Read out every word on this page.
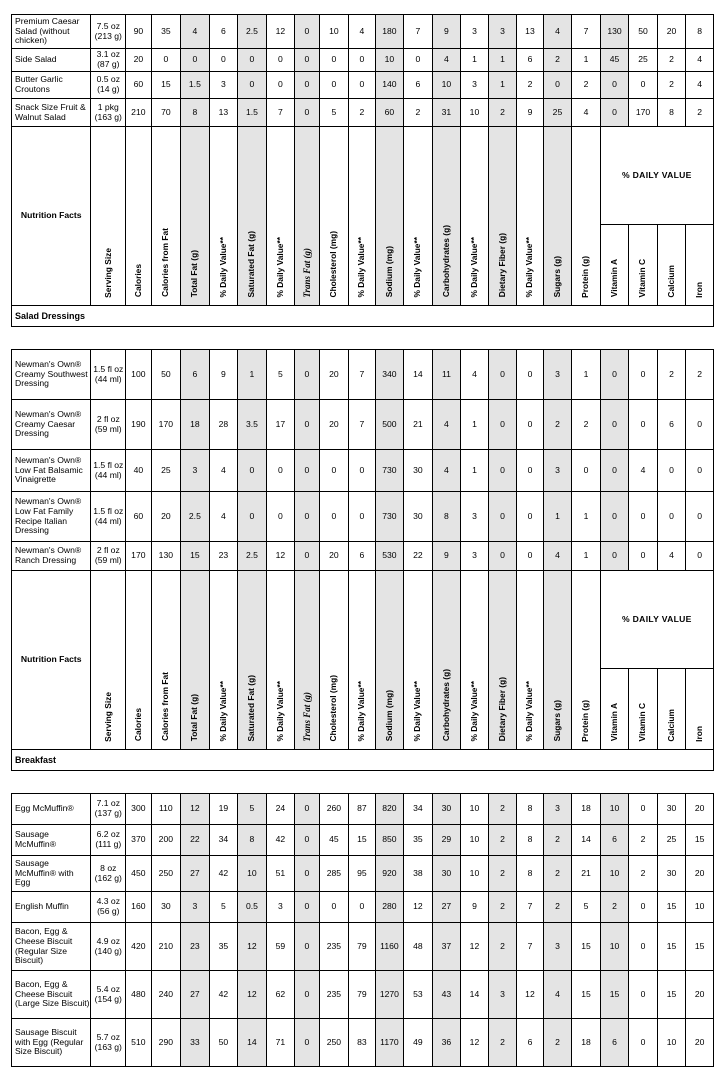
Premium Caesar Salad (without chicken)	7.5 oz (213 g)	90	35	4	6	2.5	12	0	10	4	180	7	9	3	3	13	4	7	130	50	20	8
Side Salad	3.1 oz (87 g)	20	0	0	0	0	0	0	0	0	10	0	4	1	1	6	2	1	45	25	2	4
Butter Garlic Croutons	0.5 oz (14 g)	60	15	1.5	3	0	0	0	0	0	140	6	10	3	1	2	0	2	0	0	2	4
Snack Size Fruit & Walnut Salad	1 pkg (163 g)	210	70	8	13	1.5	7	0	5	2	60	2	31	10	2	9	25	4	0	170	8	2
Nutrition Facts	Serving Size	Calories	Calories from Fat	Total Fat (g)	% Daily Value**	Saturated Fat (g)	% Daily Value**	Trans Fat (g)	Cholesterol (mg)	% Daily Value**	Sodium (mg)	% Daily Value**	Carbohydrates (g)	% Daily Value**	Dietary Fiber (g)	% Daily Value**	Sugars (g)	Protein (g)	% DAILY VALUE			
																			Vitamin A	Vitamin C	Calcium	Iron
Salad Dressings																						

Newman's Own® Creamy Southwest Dressing	1.5 fl oz (44 ml)	100	50	6	9	1	5	0	20	7	340	14	11	4	0	0	3	1	0	0	2	2
Newman's Own® Creamy Caesar Dressing	2 fl oz (59 ml)	190	170	18	28	3.5	17	0	20	7	500	21	4	1	0	0	2	2	0	0	6	0
Newman's Own® Low Fat Balsamic Vinaigrette	1.5 fl oz (44 ml)	40	25	3	4	0	0	0	0	0	730	30	4	1	0	0	3	0	0	4	0	0
Newman's Own® Low Fat Family Recipe Italian Dressing	1.5 fl oz (44 ml)	60	20	2.5	4	0	0	0	0	0	730	30	8	3	0	0	1	1	0	0	0	0
Newman's Own® Ranch Dressing	2 fl oz (59 ml)	170	130	15	23	2.5	12	0	20	6	530	22	9	3	0	0	4	1	0	0	4	0
Nutrition Facts	Serving Size	Calories	Calories from Fat	Total Fat (g)	% Daily Value**	Saturated Fat (g)	% Daily Value**	Trans Fat (g)	Cholesterol (mg)	% Daily Value**	Sodium (mg)	% Daily Value**	Carbohydrates (g)	% Daily Value**	Dietary Fiber (g)	% Daily Value**	Sugars (g)	Protein (g)	% DAILY VALUE			
																			Vitamin A	Vitamin C	Calcium	Iron
Breakfast																						

Egg McMuffin®	7.1 oz (137 g)	300	110	12	19	5	24	0	260	87	820	34	30	10	2	8	3	18	10	0	30	20
Sausage McMuffin®	6.2 oz (111 g)	370	200	22	34	8	42	0	45	15	850	35	29	10	2	8	2	14	6	2	25	15
Sausage McMuffin® with Egg	8 oz (162 g)	450	250	27	42	10	51	0	285	95	920	38	30	10	2	8	2	21	10	2	30	20
English Muffin	4.3 oz (56 g)	160	30	3	5	0.5	3	0	0	0	280	12	27	9	2	7	2	5	2	0	15	10
Bacon, Egg & Cheese Biscuit (Regular Size Biscuit)	4.9 oz (140 g)	420	210	23	35	12	59	0	235	79	1160	48	37	12	2	7	3	15	10	0	15	15
Bacon, Egg & Cheese Biscuit (Large Size Biscuit)	5.4 oz (154 g)	480	240	27	42	12	62	0	235	79	1270	53	43	14	3	12	4	15	15	0	15	20
Sausage Biscuit with Egg (Regular Size Biscuit)	5.7 oz (163 g)	510	290	33	50	14	71	0	250	83	1170	49	36	12	2	6	2	18	6	0	10	20
